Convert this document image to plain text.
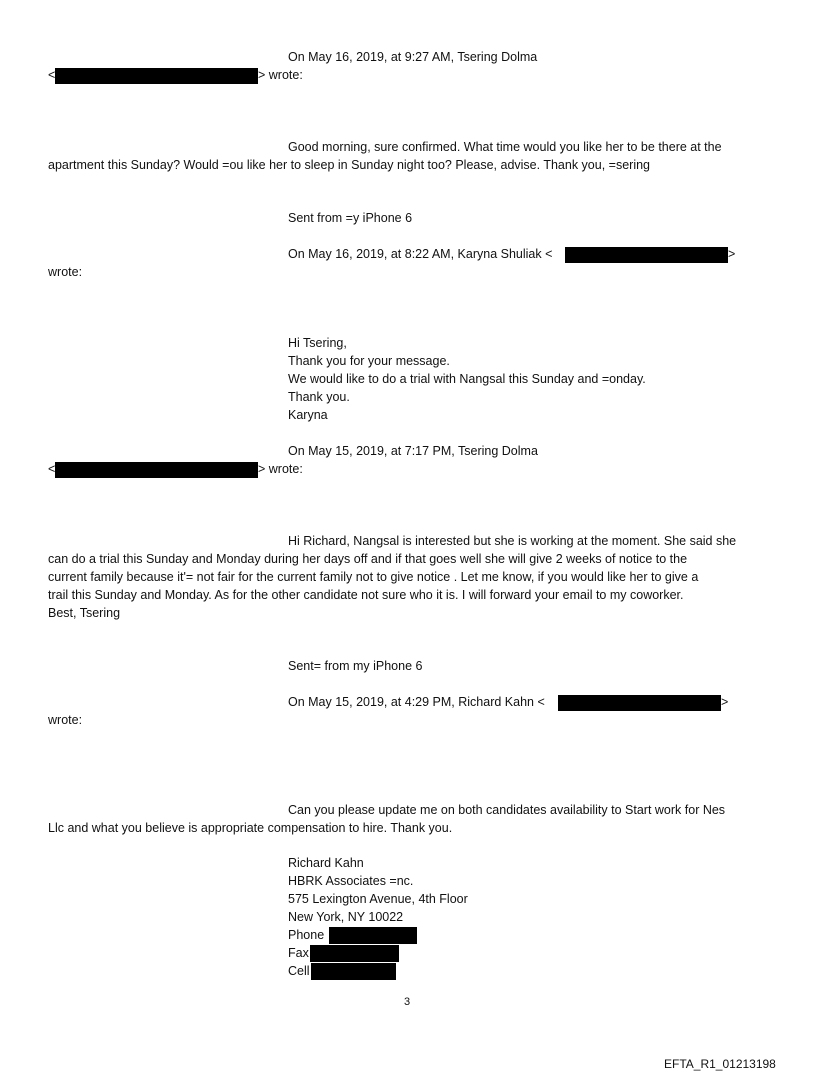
On May 16, 2019, at 9:27 AM, Tsering Dolma
<	> wrote:
Good morning, sure confirmed. What time would you like her to be there at the
apartment this Sunday? Would =ou like her to sleep in Sunday night too? Please, advise. Thank you, =sering
Sent from =y iPhone 6
On May 16, 2019, at 8:22 AM, Karyna Shuliak <	>
wrote:
Hi Tsering,
Thank you for your message.
We would like to do a trial with Nangsal this Sunday and =onday.
Thank you.
Karyna
On May 15, 2019, at 7:17 PM, Tsering Dolma
<	> wrote:
Hi Richard, Nangsal is interested but she is working at the moment. She said she
can do a trial this Sunday and Monday during her days off and if that goes well she will give 2 weeks of notice to the
current family because it'= not fair for the current family not to give notice . Let me know, if you would like her to give a
trail this Sunday and Monday. As for the other candidate not sure who it is. I will forward your email to my coworker.
Best, Tsering
Sent= from my iPhone 6
On May 15, 2019, at 4:29 PM, Richard Kahn <	>
wrote:
Can you please update me on both candidates availability to Start work for Nes
Llc and what you believe is appropriate compensation to hire. Thank you.
Richard Kahn
HBRK Associates =nc.
575 Lexington Avenue, 4th Floor
New York, NY 10022
Phone
Fax
Cell
3
EFTA_R1_01213198
